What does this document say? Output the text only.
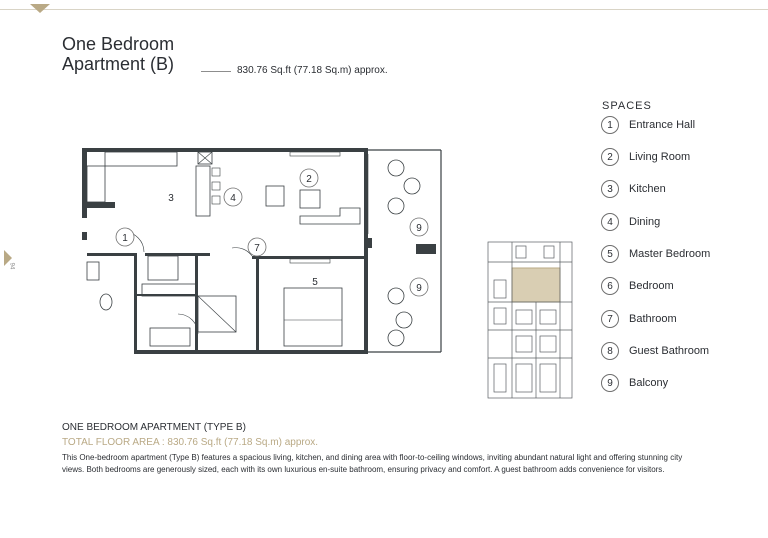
One Bedroom
Apartment (B)	830.76 Sq.ft (77.18 Sq.m) approx.
94
1
2
3	4
5
7
9
9
SPACES
1	Entrance Hall
2	Living Room
3	Kitchen
4	Dining
5	Master Bedroom
6	Bedroom
7	Bathroom
8	Guest Bathroom
9	Balcony
ONE BEDROOM APARTMENT (TYPE B)
TOTAL FLOOR AREA : 830.76 Sq.ft (77.18 Sq.m) approx.
This One-bedroom apartment (Type B) features a spacious living, kitchen, and dining area with floor-to-ceiling windows, inviting abundant natural light and offering stunning city views. Both bedrooms are generously sized, each with its own luxurious en-suite bathroom, ensuring privacy and comfort. A guest bathroom adds convenience for visitors.
